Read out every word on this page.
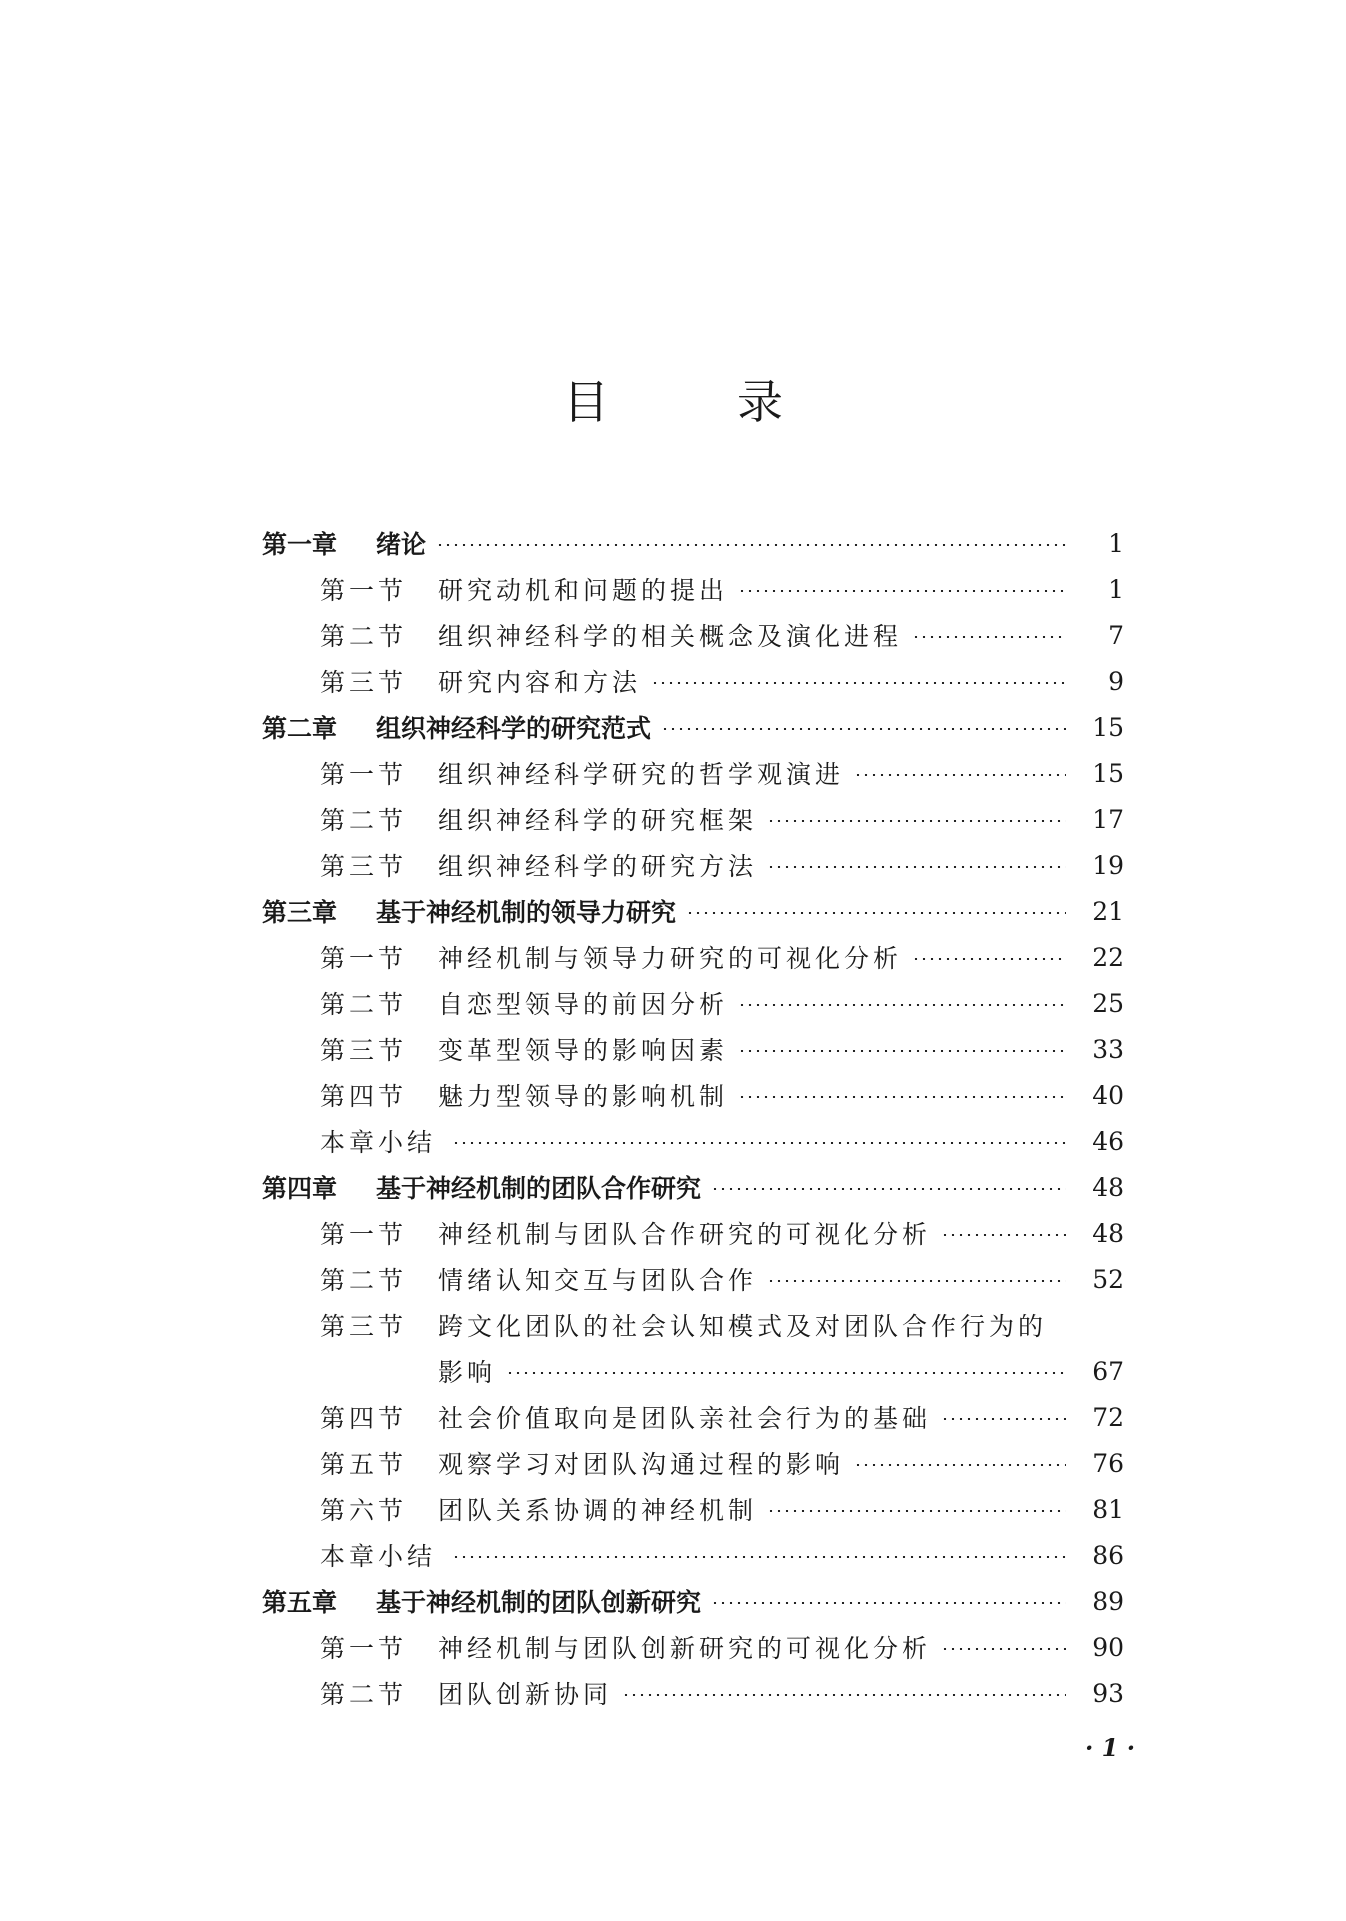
目	录
第一章	绪论	1
第一节	研究动机和问题的提出	1
第二节	组织神经科学的相关概念及演化进程	7
第三节	研究内容和方法	9
第二章	组织神经科学的研究范式	15
第一节	组织神经科学研究的哲学观演进	15
第二节	组织神经科学的研究框架	17
第三节	组织神经科学的研究方法	19
第三章	基于神经机制的领导力研究	21
第一节	神经机制与领导力研究的可视化分析	22
第二节	自恋型领导的前因分析	25
第三节	变革型领导的影响因素	33
第四节	魅力型领导的影响机制	40
本章小结	46
第四章	基于神经机制的团队合作研究	48
第一节	神经机制与团队合作研究的可视化分析	48
第二节	情绪认知交互与团队合作	52
第三节	跨文化团队的社会认知模式及对团队合作行为的
影响	67
第四节	社会价值取向是团队亲社会行为的基础	72
第五节	观察学习对团队沟通过程的影响	76
第六节	团队关系协调的神经机制	81
本章小结	86
第五章	基于神经机制的团队创新研究	89
第一节	神经机制与团队创新研究的可视化分析	90
第二节	团队创新协同	93
· 1 ·
